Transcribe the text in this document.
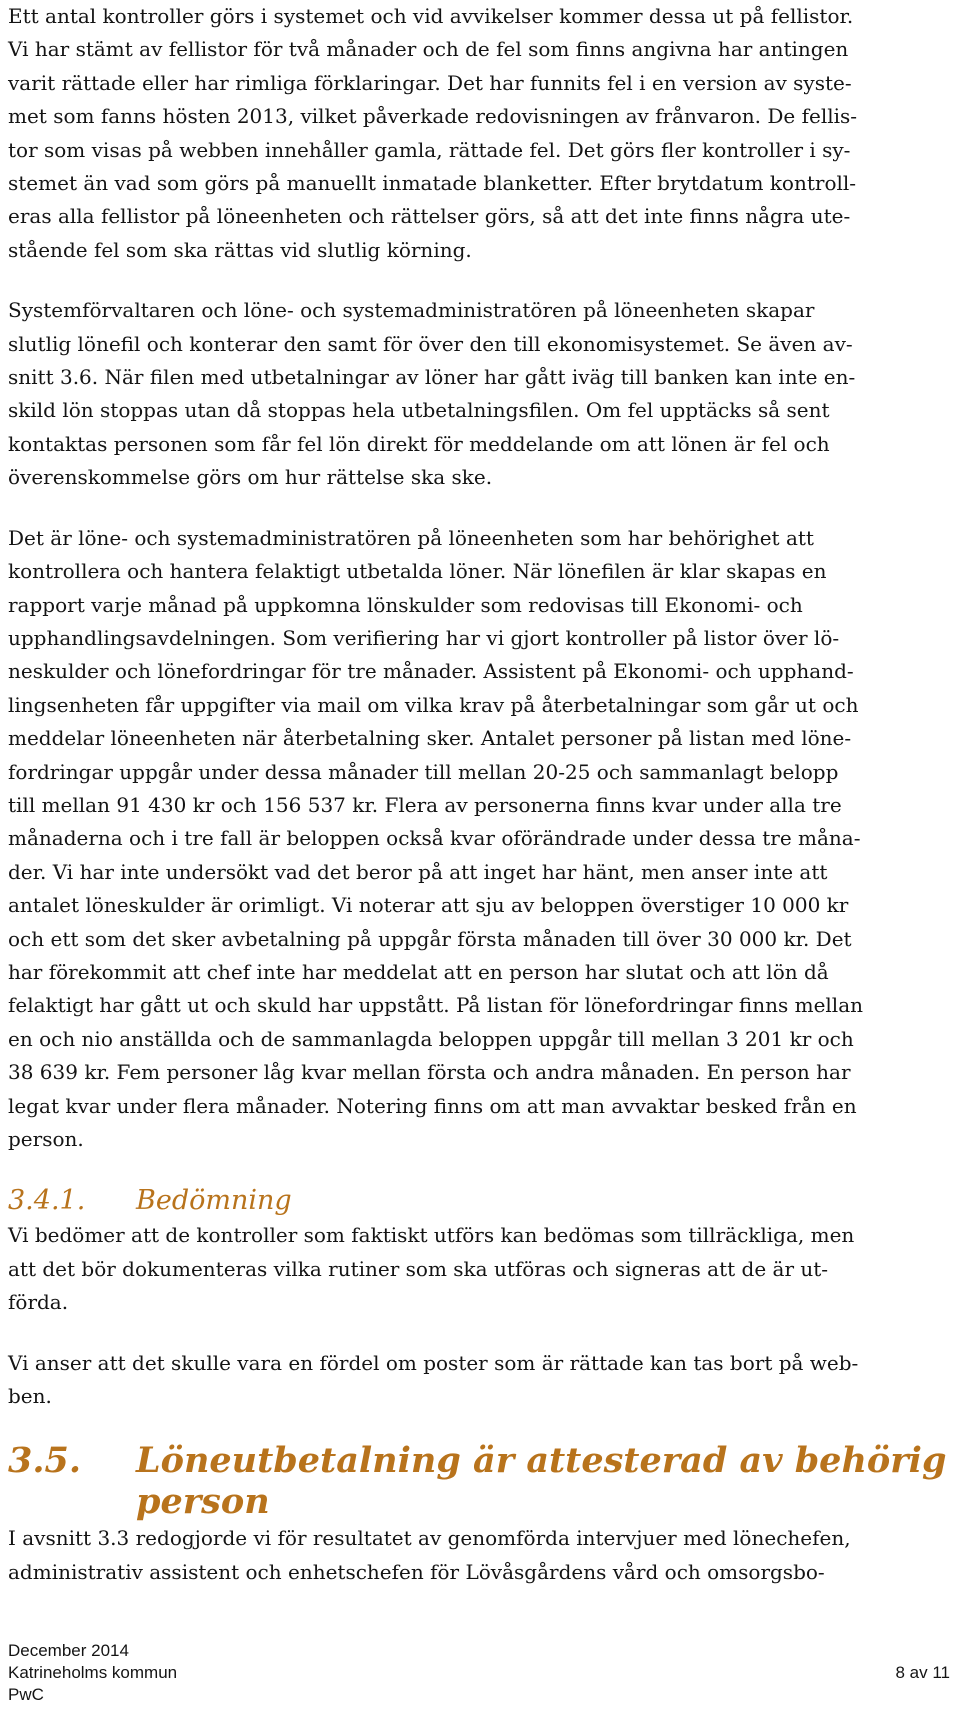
Ett antal kontroller görs i systemet och vid avvikelser kommer dessa ut på fellistor.
Vi har stämt av fellistor för två månader och de fel som finns angivna har antingen
varit rättade eller har rimliga förklaringar. Det har funnits fel i en version av syste-
met som fanns hösten 2013, vilket påverkade redovisningen av frånvaron. De fellis-
tor som visas på webben innehåller gamla, rättade fel. Det görs fler kontroller i sy-
stemet än vad som görs på manuellt inmatade blanketter. Efter brytdatum kontroll-
eras alla fellistor på löneenheten och rättelser görs, så att det inte finns några ute-
stående fel som ska rättas vid slutlig körning.
Systemförvaltaren och löne- och systemadministratören på löneenheten skapar
slutlig lönefil och konterar den samt för över den till ekonomisystemet. Se även av-
snitt 3.6. När filen med utbetalningar av löner har gått iväg till banken kan inte en-
skild lön stoppas utan då stoppas hela utbetalningsfilen. Om fel upptäcks så sent
kontaktas personen som får fel lön direkt för meddelande om att lönen är fel och
överenskommelse görs om hur rättelse ska ske.
Det är löne- och systemadministratören på löneenheten som har behörighet att
kontrollera och hantera felaktigt utbetalda löner. När lönefilen är klar skapas en
rapport varje månad på uppkomna lönskulder som redovisas till Ekonomi- och
upphandlingsavdelningen. Som verifiering har vi gjort kontroller på listor över lö-
neskulder och lönefordringar för tre månader. Assistent på Ekonomi- och upphand-
lingsenheten får uppgifter via mail om vilka krav på återbetalningar som går ut och
meddelar löneenheten när återbetalning sker. Antalet personer på listan med löne-
fordringar uppgår under dessa månader till mellan 20-25 och sammanlagt belopp
till mellan 91 430 kr och 156 537 kr. Flera av personerna finns kvar under alla tre
månaderna och i tre fall är beloppen också kvar oförändrade under dessa tre måna-
der. Vi har inte undersökt vad det beror på att inget har hänt, men anser inte att
antalet löneskulder är orimligt. Vi noterar att sju av beloppen överstiger 10 000 kr
och ett som det sker avbetalning på uppgår första månaden till över 30 000 kr. Det
har förekommit att chef inte har meddelat att en person har slutat och att lön då
felaktigt har gått ut och skuld har uppstått. På listan för lönefordringar finns mellan
en och nio anställda och de sammanlagda beloppen uppgår till mellan 3 201 kr och
38 639 kr. Fem personer låg kvar mellan första och andra månaden. En person har
legat kvar under flera månader. Notering finns om att man avvaktar besked från en
person.
3.4.1.	Bedömning
Vi bedömer att de kontroller som faktiskt utförs kan bedömas som tillräckliga, men
att det bör dokumenteras vilka rutiner som ska utföras och signeras att de är ut-
förda.
Vi anser att det skulle vara en fördel om poster som är rättade kan tas bort på web-
ben.
3.5.	Löneutbetalning är attesterad av behörig
person
I avsnitt 3.3 redogjorde vi för resultatet av genomförda intervjuer med lönechefen,
administrativ assistent och enhetschefen för Lövåsgårdens vård och omsorgsbo-
December 2014
Katrineholms kommun
PwC
8 av 11
